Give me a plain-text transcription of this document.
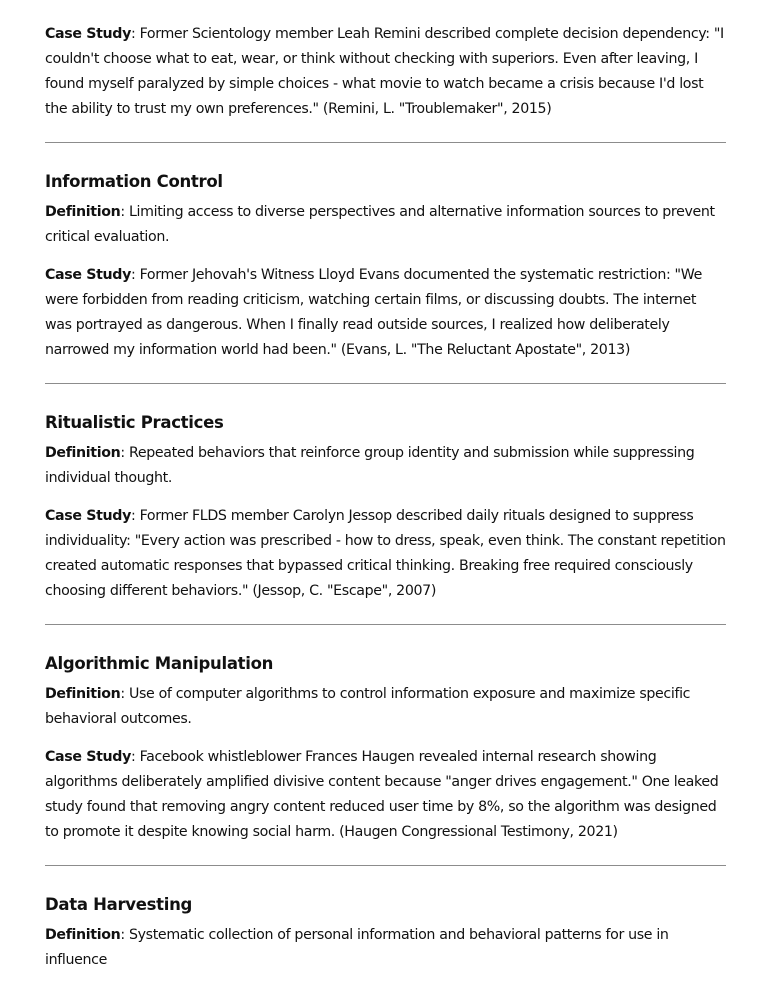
Case Study: Former Scientology member Leah Remini described complete decision dependency: "I couldn't choose what to eat, wear, or think without checking with superiors. Even after leaving, I found myself paralyzed by simple choices - what movie to watch became a crisis because I'd lost the ability to trust my own preferences." (Remini, L. "Troublemaker", 2015)

Information Control

Definition: Limiting access to diverse perspectives and alternative information sources to prevent critical evaluation.

Case Study: Former Jehovah's Witness Lloyd Evans documented the systematic restriction: "We were forbidden from reading criticism, watching certain films, or discussing doubts. The internet was portrayed as dangerous. When I finally read outside sources, I realized how deliberately narrowed my information world had been." (Evans, L. "The Reluctant Apostate", 2013)

Ritualistic Practices

Definition: Repeated behaviors that reinforce group identity and submission while suppressing individual thought.

Case Study: Former FLDS member Carolyn Jessop described daily rituals designed to suppress individuality: "Every action was prescribed - how to dress, speak, even think. The constant repetition created automatic responses that bypassed critical thinking. Breaking free required consciously choosing different behaviors." (Jessop, C. "Escape", 2007)

Algorithmic Manipulation

Definition: Use of computer algorithms to control information exposure and maximize specific behavioral outcomes.

Case Study: Facebook whistleblower Frances Haugen revealed internal research showing algorithms deliberately amplified divisive content because "anger drives engagement." One leaked study found that removing angry content reduced user time by 8%, so the algorithm was designed to promote it despite knowing social harm. (Haugen Congressional Testimony, 2021)

Data Harvesting

Definition: Systematic collection of personal information and behavioral patterns for use in influence
